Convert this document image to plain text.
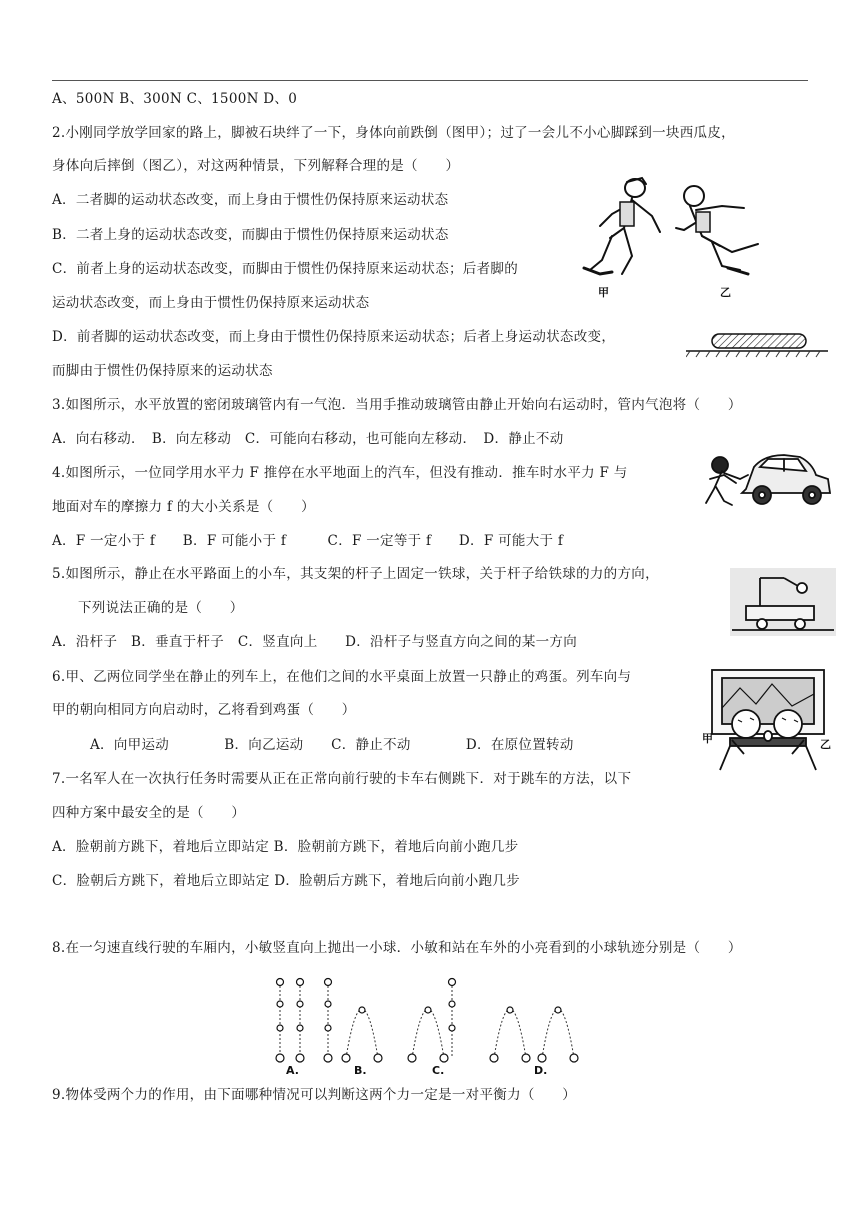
A、500N B、300N C、1500N D、0
2.小刚同学放学回家的路上，脚被石块绊了一下，身体向前跌倒（图甲）；过了一会儿不小心脚踩到一块西瓜皮，
身体向后摔倒（图乙），对这两种情景，下列解释合理的是（　　）
A．二者脚的运动状态改变，而上身由于惯性仍保持原来运动状态
B．二者上身的运动状态改变，而脚由于惯性仍保持原来运动状态
C．前者上身的运动状态改变，而脚由于惯性仍保持原来运动状态；后者脚的
运动状态改变，而上身由于惯性仍保持原来运动状态
D．前者脚的运动状态改变，而上身由于惯性仍保持原来运动状态；后者上身运动状态改变，
而脚由于惯性仍保持原来的运动状态
甲	乙
3.如图所示，水平放置的密闭玻璃管内有一气泡．当用手推动玻璃管由静止开始向右运动时，管内气泡将（　　）
A．向右移动．　B．向左移动　C．可能向右移动，也可能向左移动．　D．静止不动
4.如图所示，一位同学用水平力 F 推停在水平地面上的汽车，但没有推动．推车时水平力 F 与
地面对车的摩擦力 f 的大小关系是（　　）
A．F 一定小于 f　　B．F 可能小于 f　　　C．F 一定等于 f　　D．F 可能大于 f
5.如图所示，静止在水平路面上的小车，其支架的杆子上固定一铁球，关于杆子给铁球的力的方向，
下列说法正确的是（　　）
A．沿杆子　B．垂直于杆子　C．竖直向上　　D．沿杆子与竖直方向之间的某一方向
甲	乙
6.甲、乙两位同学坐在静止的列车上，在他们之间的水平桌面上放置一只静止的鸡蛋。列车向与
甲的朝向相同方向启动时，乙将看到鸡蛋（　　）
A．向甲运动　　　　B．向乙运动　　C．静止不动　　　　D．在原位置转动
7.一名军人在一次执行任务时需要从正在正常向前行驶的卡车右侧跳下．对于跳车的方法，以下
四种方案中最安全的是（　　）
A．脸朝前方跳下，着地后立即站定 B．脸朝前方跳下，着地后向前小跑几步
C．脸朝后方跳下，着地后立即站定 D．脸朝后方跳下，着地后向前小跑几步
8.在一匀速直线行驶的车厢内，小敏竖直向上抛出一小球．小敏和站在车外的小亮看到的小球轨迹分别是（　　）
A.	B.	C.	D.
9.物体受两个力的作用，由下面哪种情况可以判断这两个力一定是一对平衡力（　　）
